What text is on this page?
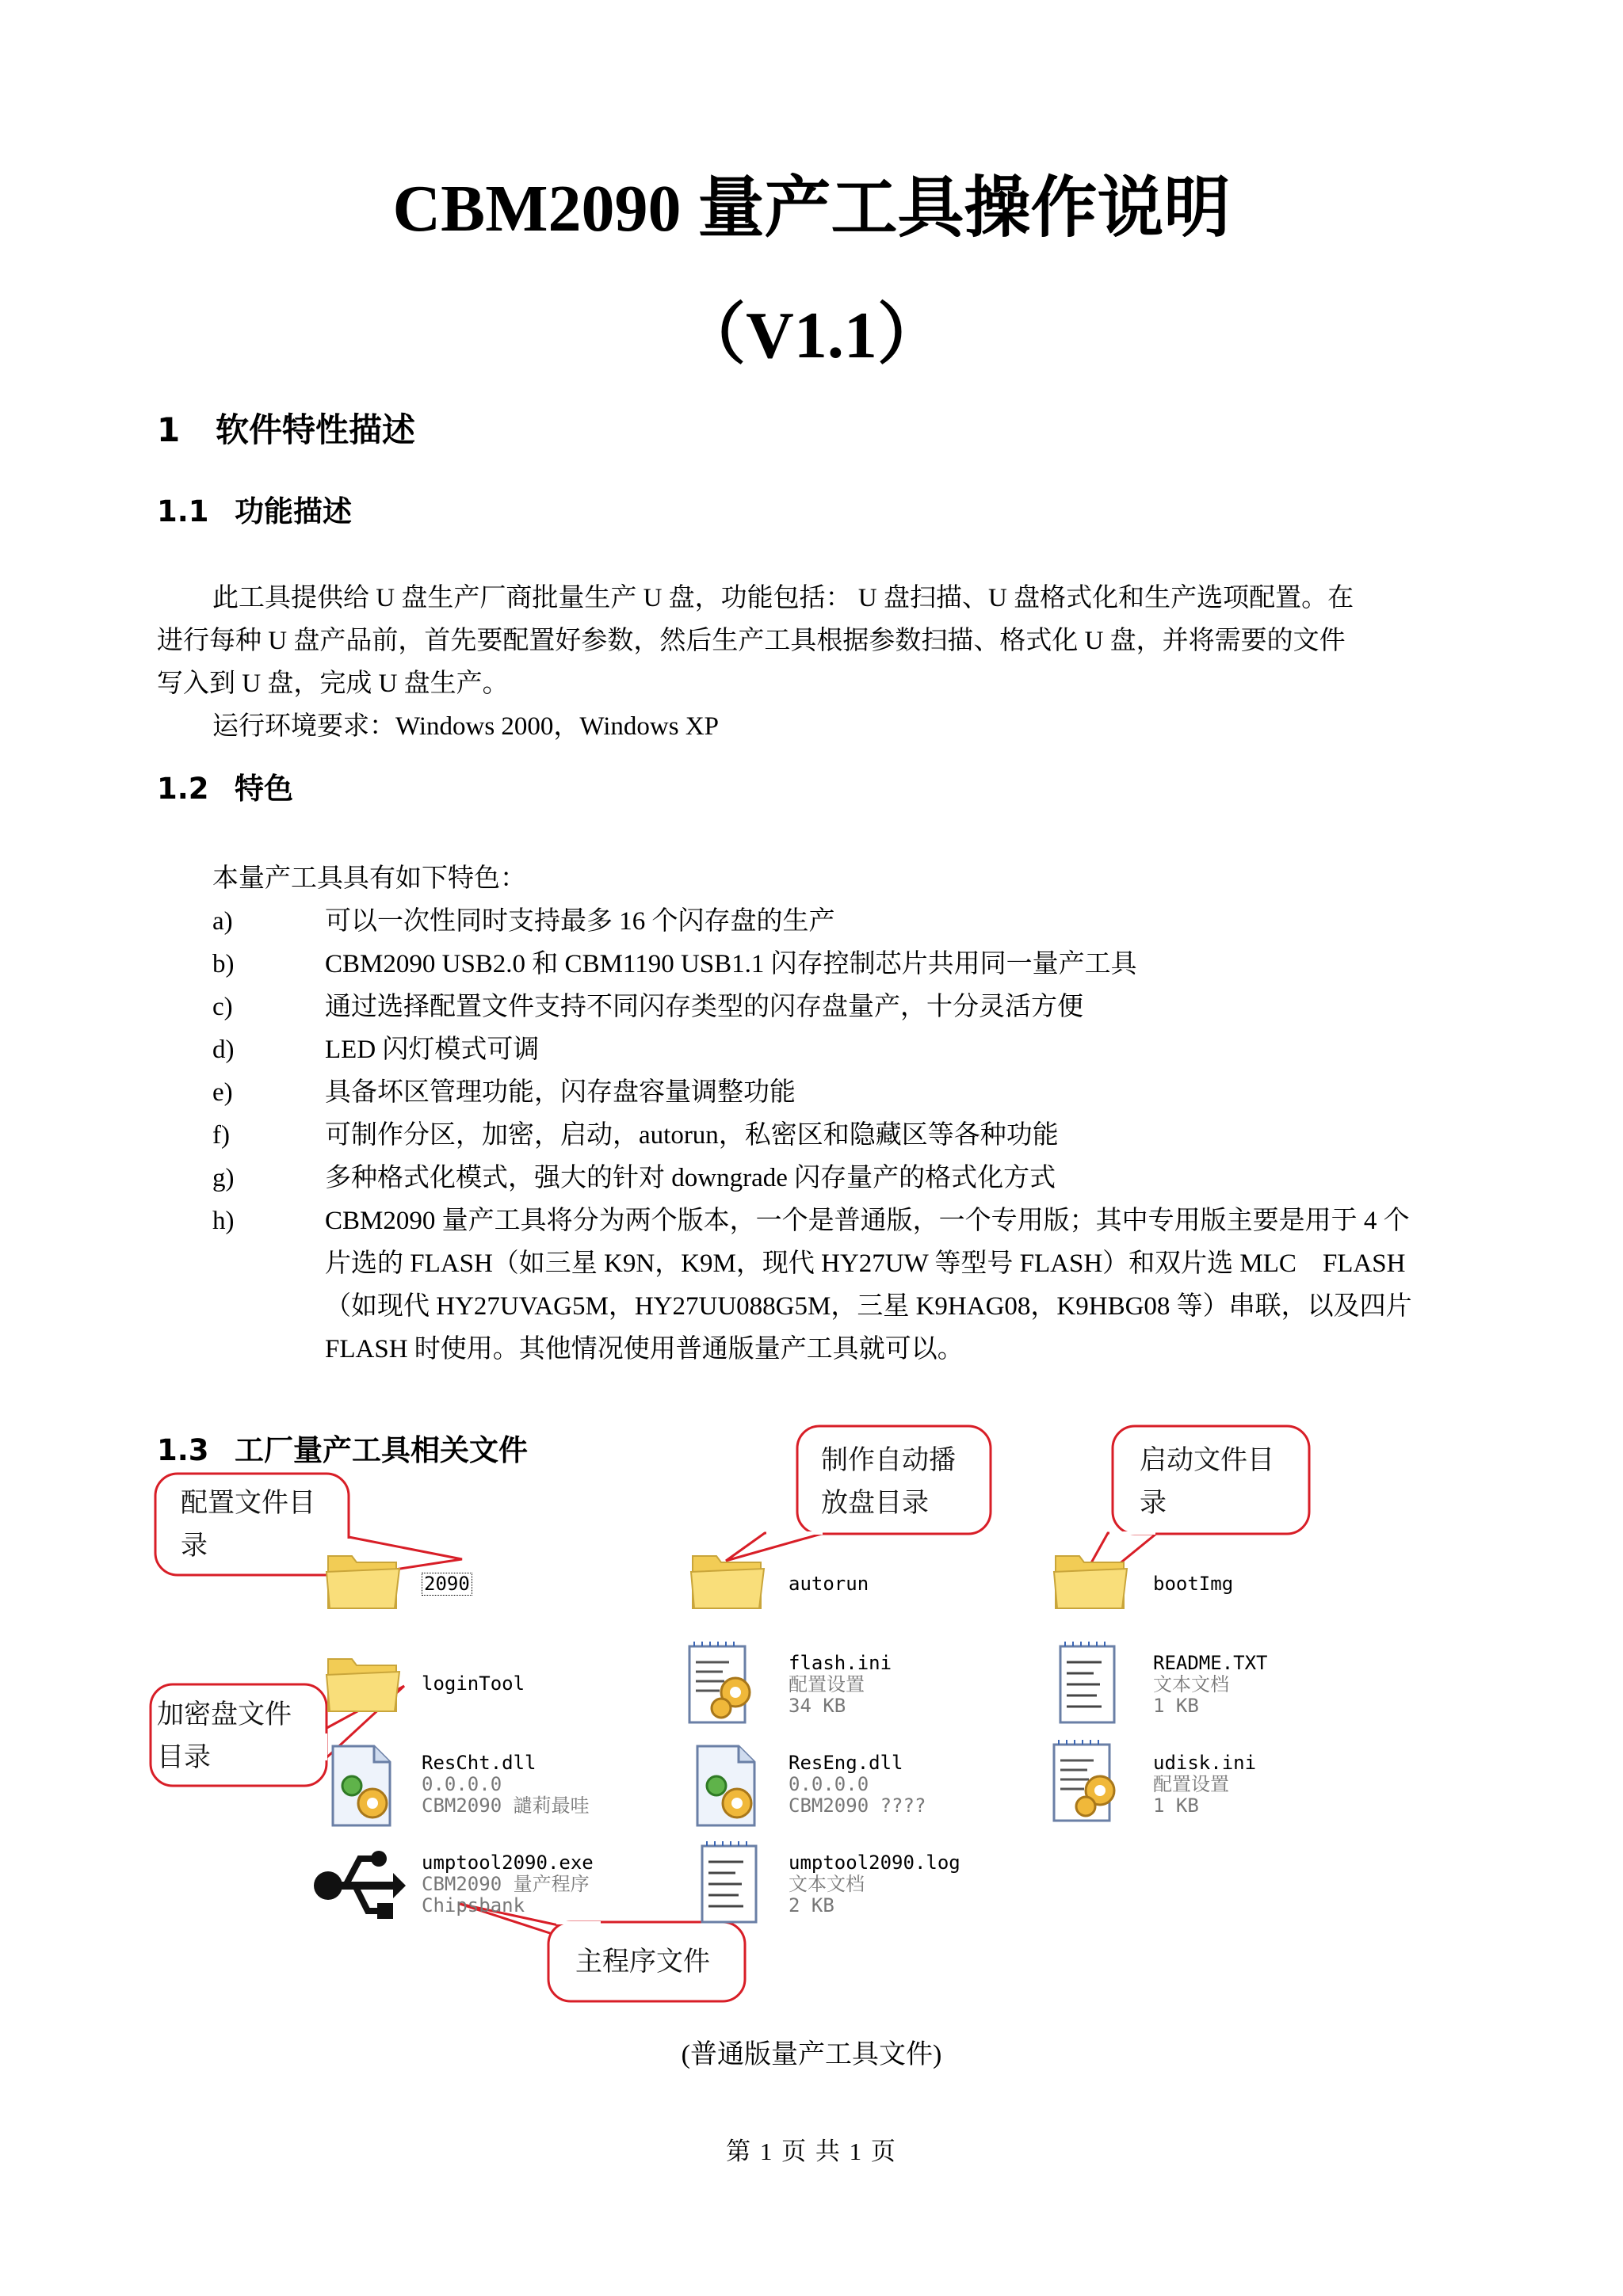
CBM2090 量产工具操作说明
（V1.1）
1 软件特性描述
1.1 功能描述
此工具提供给 U 盘生产厂商批量生产 U 盘，功能包括： U 盘扫描、U 盘格式化和生产选项配置。在
进行每种 U 盘产品前，首先要配置好参数，然后生产工具根据参数扫描、格式化 U 盘，并将需要的文件
写入到 U 盘，完成 U 盘生产。
运行环境要求：Windows 2000，Windows XP
1.2 特色
本量产工具具有如下特色：
a)	可以一次性同时支持最多 16 个闪存盘的生产
b)	CBM2090 USB2.0 和 CBM1190 USB1.1 闪存控制芯片共用同一量产工具
c)	通过选择配置文件支持不同闪存类型的闪存盘量产，十分灵活方便
d)	LED 闪灯模式可调
e)	具备坏区管理功能，闪存盘容量调整功能
f)	可制作分区，加密，启动，autorun，私密区和隐藏区等各种功能
g)	多种格式化模式，强大的针对 downgrade 闪存量产的格式化方式
h)	CBM2090 量产工具将分为两个版本，一个是普通版，一个专用版；其中专用版主要是用于 4 个
片选的 FLASH（如三星 K9N，K9M，现代 HY27UW 等型号 FLASH）和双片选 MLC　FLASH
（如现代 HY27UVAG5M，HY27UU088G5M，三星 K9HAG08，K9HBG08 等）串联，以及四片
FLASH 时使用。其他情况使用普通版量产工具就可以。
1.3 工厂量产工具相关文件
配置文件目
录
制作自动播
放盘目录
启动文件目
录
加密盘文件
目录
主程序文件
2090	autorun	bootImg
loginTool
flash.ini
配置设置
34 KB
README.TXT
文本文档
1 KB
ResCht.dll
0.0.0.0
CBM2090 譴莉最哇
ResEng.dll
0.0.0.0
CBM2090 ????
udisk.ini
配置设置
1 KB
umptool2090.exe
CBM2090 量产程序
Chipsbank
umptool2090.log
文本文档
2 KB
(普通版量产工具文件)
第 1 页 共 1 页
